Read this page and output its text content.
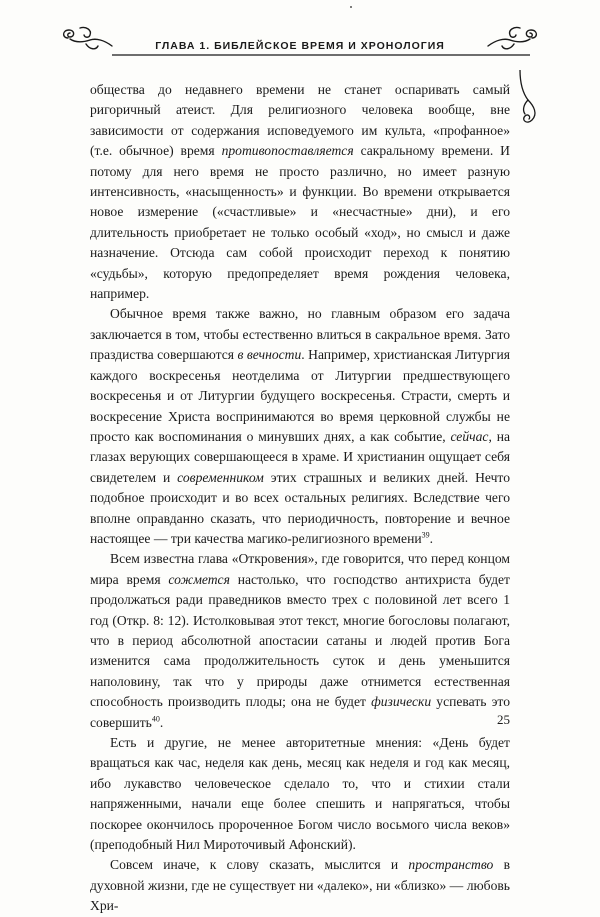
ГЛАВА 1. БИБЛЕЙСКОЕ ВРЕМЯ И ХРОНОЛОГИЯ

общества до недавнего времени не станет оспаривать самый ригоричный атеист. Для религиозного человека вообще, вне зависимости от содержания исповедуемого им культа, «профанное» (т.е. обычное) время противопоставляется сакральному времени. И потому для него время не просто различно, но имеет разную интенсивность, «насыщенность» и функции. Во времени открывается новое измерение («счастливые» и «несчастные» дни), и его длительность приобретает не только особый «ход», но смысл и даже назначение. Отсюда сам собой происходит переход к понятию «судьбы», которую предопределяет время рождения человека, например.

Обычное время также важно, но главным образом его задача заключается в том, чтобы естественно влиться в сакральное время. Зато праздиства совершаются в вечности. Например, христианская Литургия каждого воскресенья неотделима от Литургии предшествующего воскресенья и от Литургии будущего воскресенья. Страсти, смерть и воскресение Христа воспринимаются во время церковной службы не просто как воспоминания о минувших днях, а как событие, сейчас, на глазах верующих совершающееся в храме. И христианин ощущает себя свидетелем и современником этих страшных и великих дней. Нечто подобное происходит и во всех остальных религиях. Вследствие чего вполне оправданно сказать, что периодичность, повторение и вечное настоящее — три качества магико-религиозного времени$^{39}$.

Всем известна глава «Откровения», где говорится, что перед концом мира время сожмется настолько, что господство антихриста будет продолжаться ради праведников вместо трех с половиной лет всего 1 год (Откр. 8: 12). Истолковывая этот текст, многие богословы полагают, что в период абсолютной апостасии сатаны и людей против Бога изменится сама продолжительность суток и день уменьшится наполовину, так что у природы даже отнимется естественная способность производить плоды; она не будет физически успевать это совершить$^{40}$.

Есть и другие, не менее авторитетные мнения: «День будет вращаться как час, неделя как день, месяц как неделя и год как месяц, ибо лукавство человеческое сделало то, что и стихии стали напряженными, начали еще более спешить и напрягаться, чтобы поскорее окончилось пророченное Богом число восьмого числа веков» (преподобный Нил Мироточивый Афонский).

Совсем иначе, к слову сказать, мыслится и пространство в духовной жизни, где не существует ни «далеко», ни «близко» — любовь Хри-

25
